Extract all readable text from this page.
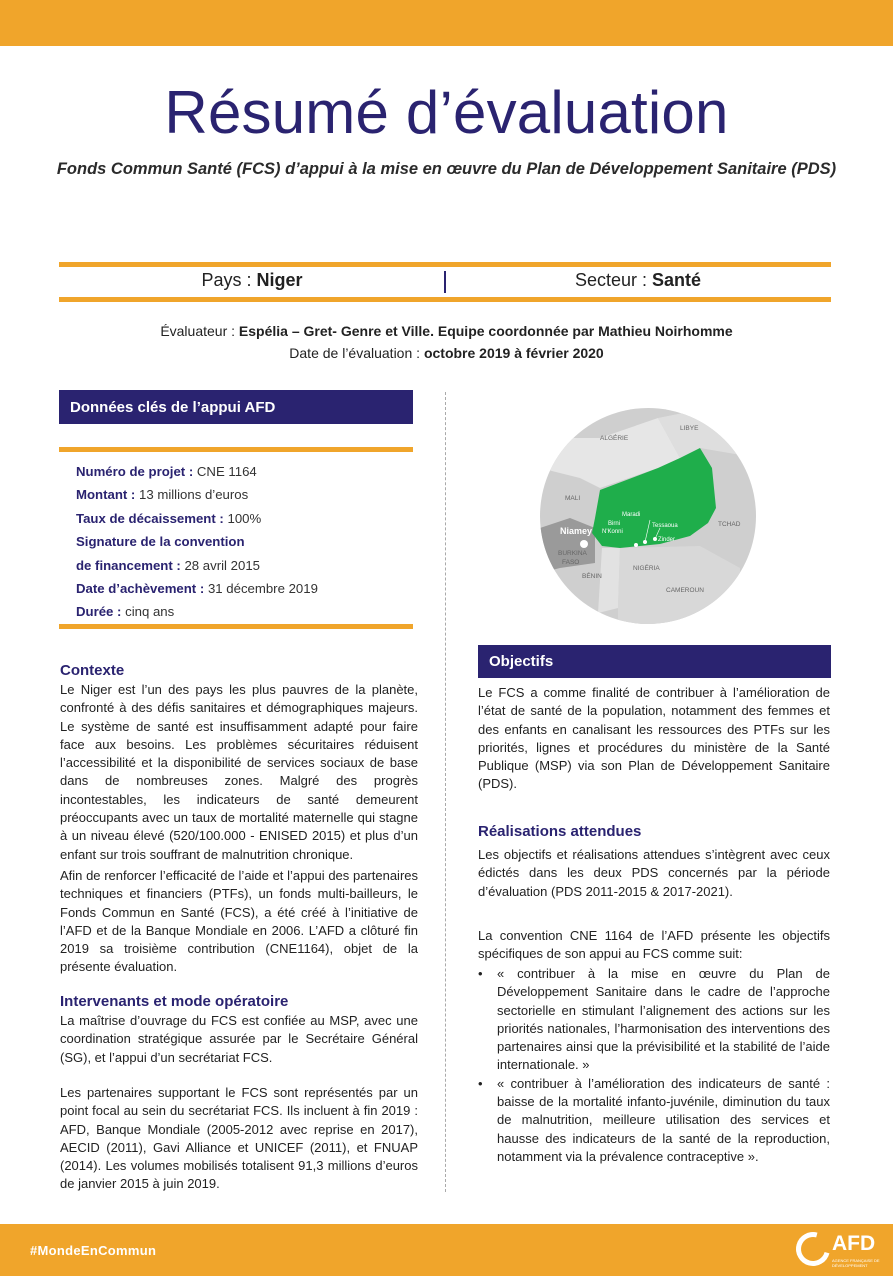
Résumé d’évaluation
Fonds Commun Santé (FCS) d’appui à la mise en œuvre du Plan de Développement Sanitaire (PDS)
Pays : Niger	Secteur : Santé
Évaluateur : Espélia – Gret- Genre et Ville. Equipe coordonnée par Mathieu Noirhomme
Date de l’évaluation : octobre 2019 à février 2020
Données clés de l’appui AFD
Numéro de projet : CNE 1164
Montant : 13 millions d’euros
Taux de décaissement : 100%
Signature de la convention
de financement : 28 avril 2015
Date d’achèvement : 31 décembre 2019
Durée : cinq ans
Contexte
Le Niger est l’un des pays les plus pauvres de la planète, confronté à des défis sanitaires et démographiques majeurs. Le système de santé est insuffisamment adapté pour faire face aux besoins. Les problèmes sécuritaires réduisent l’accessibilité et la disponibilité de services sociaux de base dans de nombreuses zones. Malgré des progrès incontestables, les indicateurs de santé demeurent préoccupants avec un taux de mortalité maternelle qui stagne à un niveau élevé (520/100.000 - ENISED 2015) et plus d’un enfant sur trois souffrant de malnutrition chronique.
Afin de renforcer l’efficacité de l’aide et l’appui des partenaires techniques et financiers (PTFs), un fonds multi-bailleurs, le Fonds Commun en Santé (FCS), a été créé à l’initiative de l’AFD et de la Banque Mondiale en 2006. L’AFD a clôturé fin 2019 sa troisième contribution (CNE1164), objet de la présente évaluation.
Intervenants et mode opératoire
La maîtrise d’ouvrage du FCS est confiée au MSP, avec une coordination stratégique assurée par le Secrétaire Général (SG), et l’appui d’un secrétariat FCS.
Les partenaires supportant le FCS sont représentés par un point focal au sein du secrétariat FCS. Ils incluent à fin 2019 : AFD, Banque Mondiale (2005-2012 avec reprise en 2017), AECID (2011), Gavi Alliance et UNICEF (2011), et FNUAP (2014). Les volumes mobilisés totalisent 91,3 millions d’euros de janvier 2015 à juin 2019.
ALGÉRIE
LIBYE
MALI
TCHAD
BURKINA
FASO
BÉNIN
NIGÉRIA
CAMEROUN
Niamey
Maradi
Birni
N'Konni
Tessaoua
Zinder
Objectifs
Le FCS a comme finalité de contribuer à l’amélioration de l’état de santé de la population, notamment des femmes et des enfants en canalisant les ressources des PTFs sur les priorités, lignes et procédures du ministère de la Santé Publique (MSP) via son Plan de Développement Sanitaire (PDS).
Réalisations attendues
Les objectifs et réalisations attendues s’intègrent avec ceux édictés dans les deux PDS concernés par la période d’évaluation (PDS 2011-2015 & 2017-2021).
La convention CNE 1164 de l’AFD présente les objectifs spécifiques de son appui au FCS comme suit:
• « contribuer à la mise en œuvre du Plan de Développement Sanitaire dans le cadre de l’approche sectorielle en stimulant l’alignement des actions sur les priorités nationales, l’harmonisation des interventions des partenaires ainsi que la prévisibilité et la stabilité de l’aide internationale. »
• « contribuer à l’amélioration des indicateurs de santé : baisse de la mortalité infanto-juvénile, diminution du taux de malnutrition, meilleure utilisation des services et hausse des indicateurs de la santé de la reproduction, notamment via la prévalence contraceptive ».
#MondeEnCommun	AFD
AGENCE FRANÇAISE DE DÉVELOPPEMENT
